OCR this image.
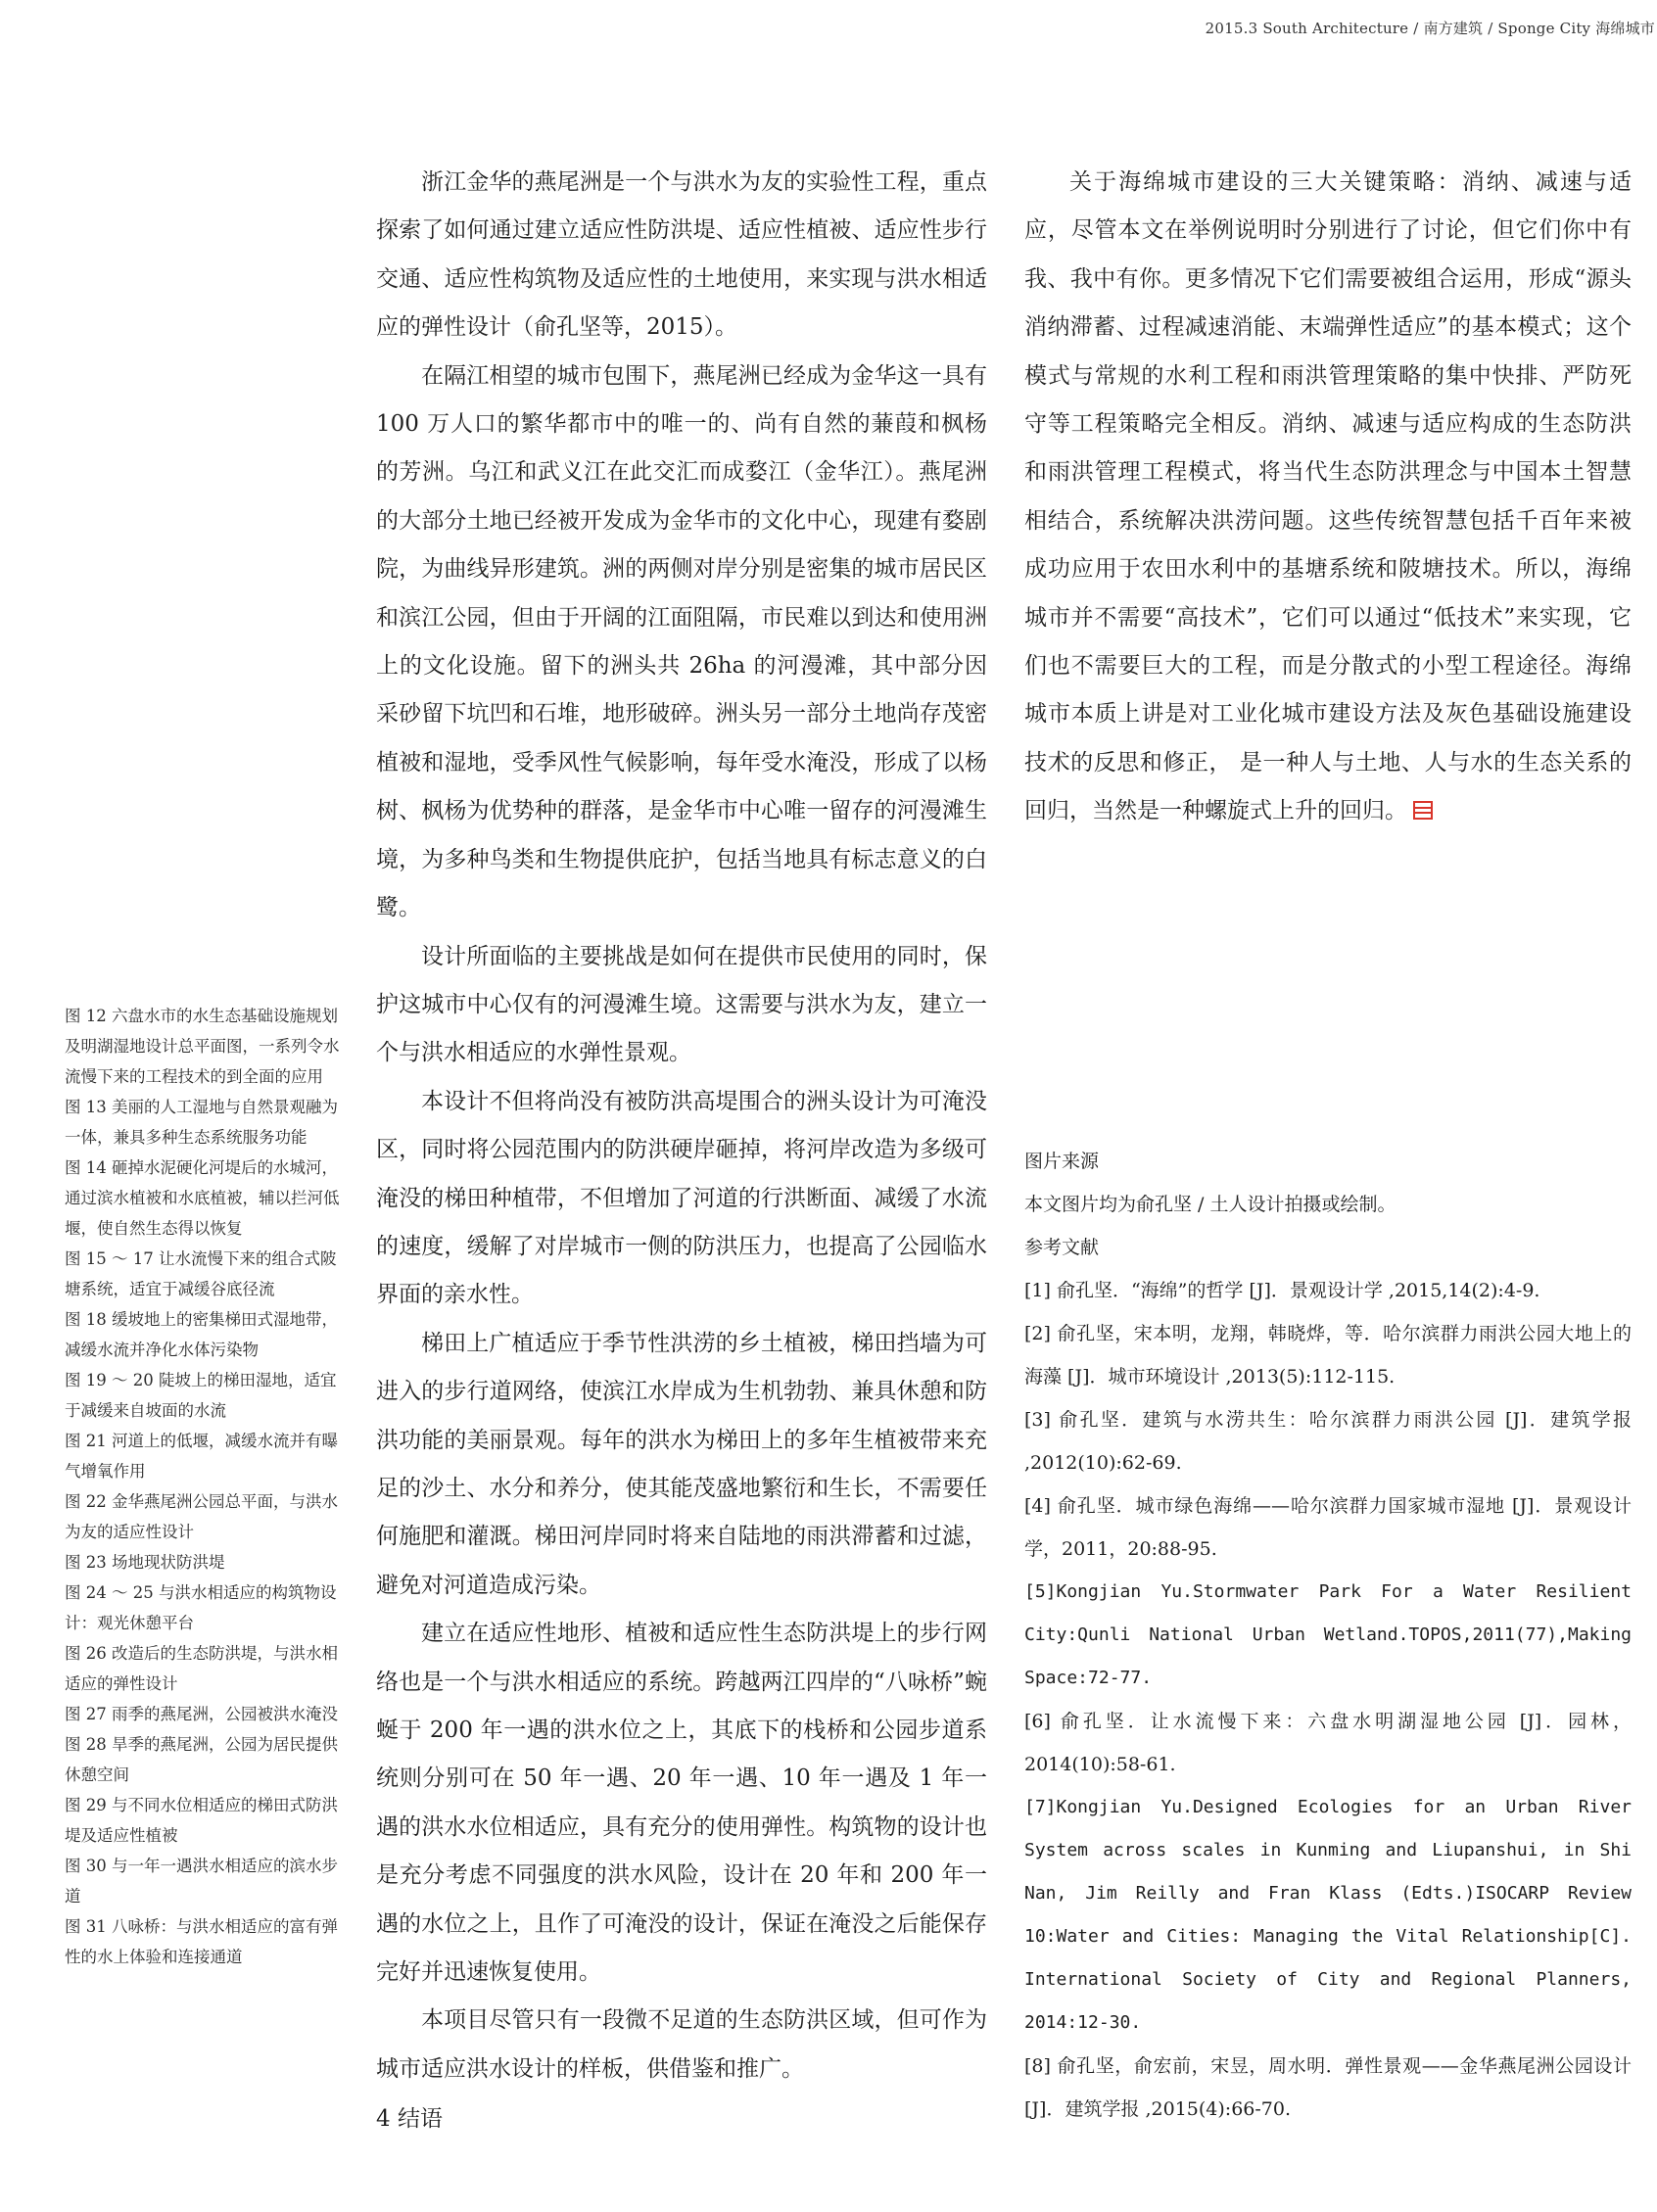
2015.3 South Architecture / 南方建筑 / Sponge City 海绵城市

图 12 六盘水市的水生态基础设施规划及明湖湿地设计总平面图，一系列令水流慢下来的工程技术的到全面的应用

图 13 美丽的人工湿地与自然景观融为一体，兼具多种生态系统服务功能

图 14 砸掉水泥硬化河堤后的水城河，通过滨水植被和水底植被，辅以拦河低堰，使自然生态得以恢复

图 15 ～ 17 让水流慢下来的组合式陂塘系统，适宜于减缓谷底径流

图 18 缓坡地上的密集梯田式湿地带，减缓水流并净化水体污染物

图 19 ～ 20 陡坡上的梯田湿地，适宜于减缓来自坡面的水流

图 21 河道上的低堰，减缓水流并有曝气增氧作用

图 22 金华燕尾洲公园总平面，与洪水为友的适应性设计

图 23 场地现状防洪堤

图 24 ～ 25 与洪水相适应的构筑物设计：观光休憩平台

图 26 改造后的生态防洪堤，与洪水相适应的弹性设计

图 27 雨季的燕尾洲，公园被洪水淹没

图 28 旱季的燕尾洲，公园为居民提供休憩空间

图 29 与不同水位相适应的梯田式防洪堤及适应性植被

图 30 与一年一遇洪水相适应的滨水步道

图 31 八咏桥：与洪水相适应的富有弹性的水上体验和连接通道

浙江金华的燕尾洲是一个与洪水为友的实验性工程，重点探索了如何通过建立适应性防洪堤、适应性植被、适应性步行交通、适应性构筑物及适应性的土地使用，来实现与洪水相适应的弹性设计（俞孔坚等，2015）。

在隔江相望的城市包围下，燕尾洲已经成为金华这一具有 100 万人口的繁华都市中的唯一的、尚有自然的蒹葭和枫杨的芳洲。乌江和武义江在此交汇而成婺江（金华江）。燕尾洲的大部分土地已经被开发成为金华市的文化中心，现建有婺剧院，为曲线异形建筑。洲的两侧对岸分别是密集的城市居民区和滨江公园，但由于开阔的江面阻隔，市民难以到达和使用洲上的文化设施。留下的洲头共 26ha 的河漫滩，其中部分因采砂留下坑凹和石堆，地形破碎。洲头另一部分土地尚存茂密植被和湿地，受季风性气候影响，每年受水淹没，形成了以杨树、枫杨为优势种的群落，是金华市中心唯一留存的河漫滩生境，为多种鸟类和生物提供庇护，包括当地具有标志意义的白鹭。

设计所面临的主要挑战是如何在提供市民使用的同时，保护这城市中心仅有的河漫滩生境。这需要与洪水为友，建立一个与洪水相适应的水弹性景观。

本设计不但将尚没有被防洪高堤围合的洲头设计为可淹没区，同时将公园范围内的防洪硬岸砸掉，将河岸改造为多级可淹没的梯田种植带，不但增加了河道的行洪断面、减缓了水流的速度，缓解了对岸城市一侧的防洪压力，也提高了公园临水界面的亲水性。

梯田上广植适应于季节性洪涝的乡土植被，梯田挡墙为可进入的步行道网络，使滨江水岸成为生机勃勃、兼具休憩和防洪功能的美丽景观。每年的洪水为梯田上的多年生植被带来充足的沙土、水分和养分，使其能茂盛地繁衍和生长，不需要任何施肥和灌溉。梯田河岸同时将来自陆地的雨洪滞蓄和过滤，避免对河道造成污染。

建立在适应性地形、植被和适应性生态防洪堤上的步行网络也是一个与洪水相适应的系统。跨越两江四岸的“八咏桥”蜿蜒于 200 年一遇的洪水位之上，其底下的栈桥和公园步道系统则分别可在 50 年一遇、20 年一遇、10 年一遇及 1 年一遇的洪水水位相适应，具有充分的使用弹性。构筑物的设计也是充分考虑不同强度的洪水风险，设计在 20 年和 200 年一遇的水位之上，且作了可淹没的设计，保证在淹没之后能保存完好并迅速恢复使用。

本项目尽管只有一段微不足道的生态防洪区域，但可作为城市适应洪水设计的样板，供借鉴和推广。

4 结语

关于海绵城市建设的三大关键策略：消纳、减速与适应，尽管本文在举例说明时分别进行了讨论，但它们你中有我、我中有你。更多情况下它们需要被组合运用，形成“源头消纳滞蓄、过程减速消能、末端弹性适应”的基本模式；这个模式与常规的水利工程和雨洪管理策略的集中快排、严防死守等工程策略完全相反。消纳、减速与适应构成的生态防洪和雨洪管理工程模式，将当代生态防洪理念与中国本土智慧相结合，系统解决洪涝问题。这些传统智慧包括千百年来被成功应用于农田水利中的基塘系统和陂塘技术。所以，海绵城市并不需要“高技术”，它们可以通过“低技术”来实现，它们也不需要巨大的工程，而是分散式的小型工程途径。海绵城市本质上讲是对工业化城市建设方法及灰色基础设施建设技术的反思和修正， 是一种人与土地、人与水的生态关系的回归，当然是一种螺旋式上升的回归。

图片来源

本文图片均为俞孔坚 / 土人设计拍摄或绘制。

参考文献

[1] 俞孔坚．“海绵”的哲学 [J]．景观设计学 ,2015,14(2):4-9.
[2] 俞孔坚，宋本明，龙翔，韩晓烨，等．哈尔滨群力雨洪公园大地上的海藻 [J]．城市环境设计 ,2013(5):112-115.
[3] 俞孔坚．建筑与水涝共生：哈尔滨群力雨洪公园 [J]．建筑学报 ,2012(10):62-69.
[4] 俞孔坚．城市绿色海绵——哈尔滨群力国家城市湿地 [J]．景观设计学，2011，20:88-95.
[5]Kongjian Yu.Stormwater Park For a Water Resilient City:Qunli National Urban Wetland.TOPOS,2011(77),Making Space:72-77.
[6] 俞孔坚．让水流慢下来：六盘水明湖湿地公园 [J]．园林，2014(10):58-61.
[7]Kongjian Yu.Designed Ecologies for an Urban River System across scales in Kunming and Liupanshui, in Shi Nan, Jim Reilly and Fran Klass (Edts.)ISOCARP Review 10:Water and Cities: Managing the Vital Relationship[C]. International Society of City and Regional Planners, 2014:12-30.
[8] 俞孔坚，俞宏前，宋昱，周水明．弹性景观——金华燕尾洲公园设计 [J]．建筑学报 ,2015(4):66-70.
